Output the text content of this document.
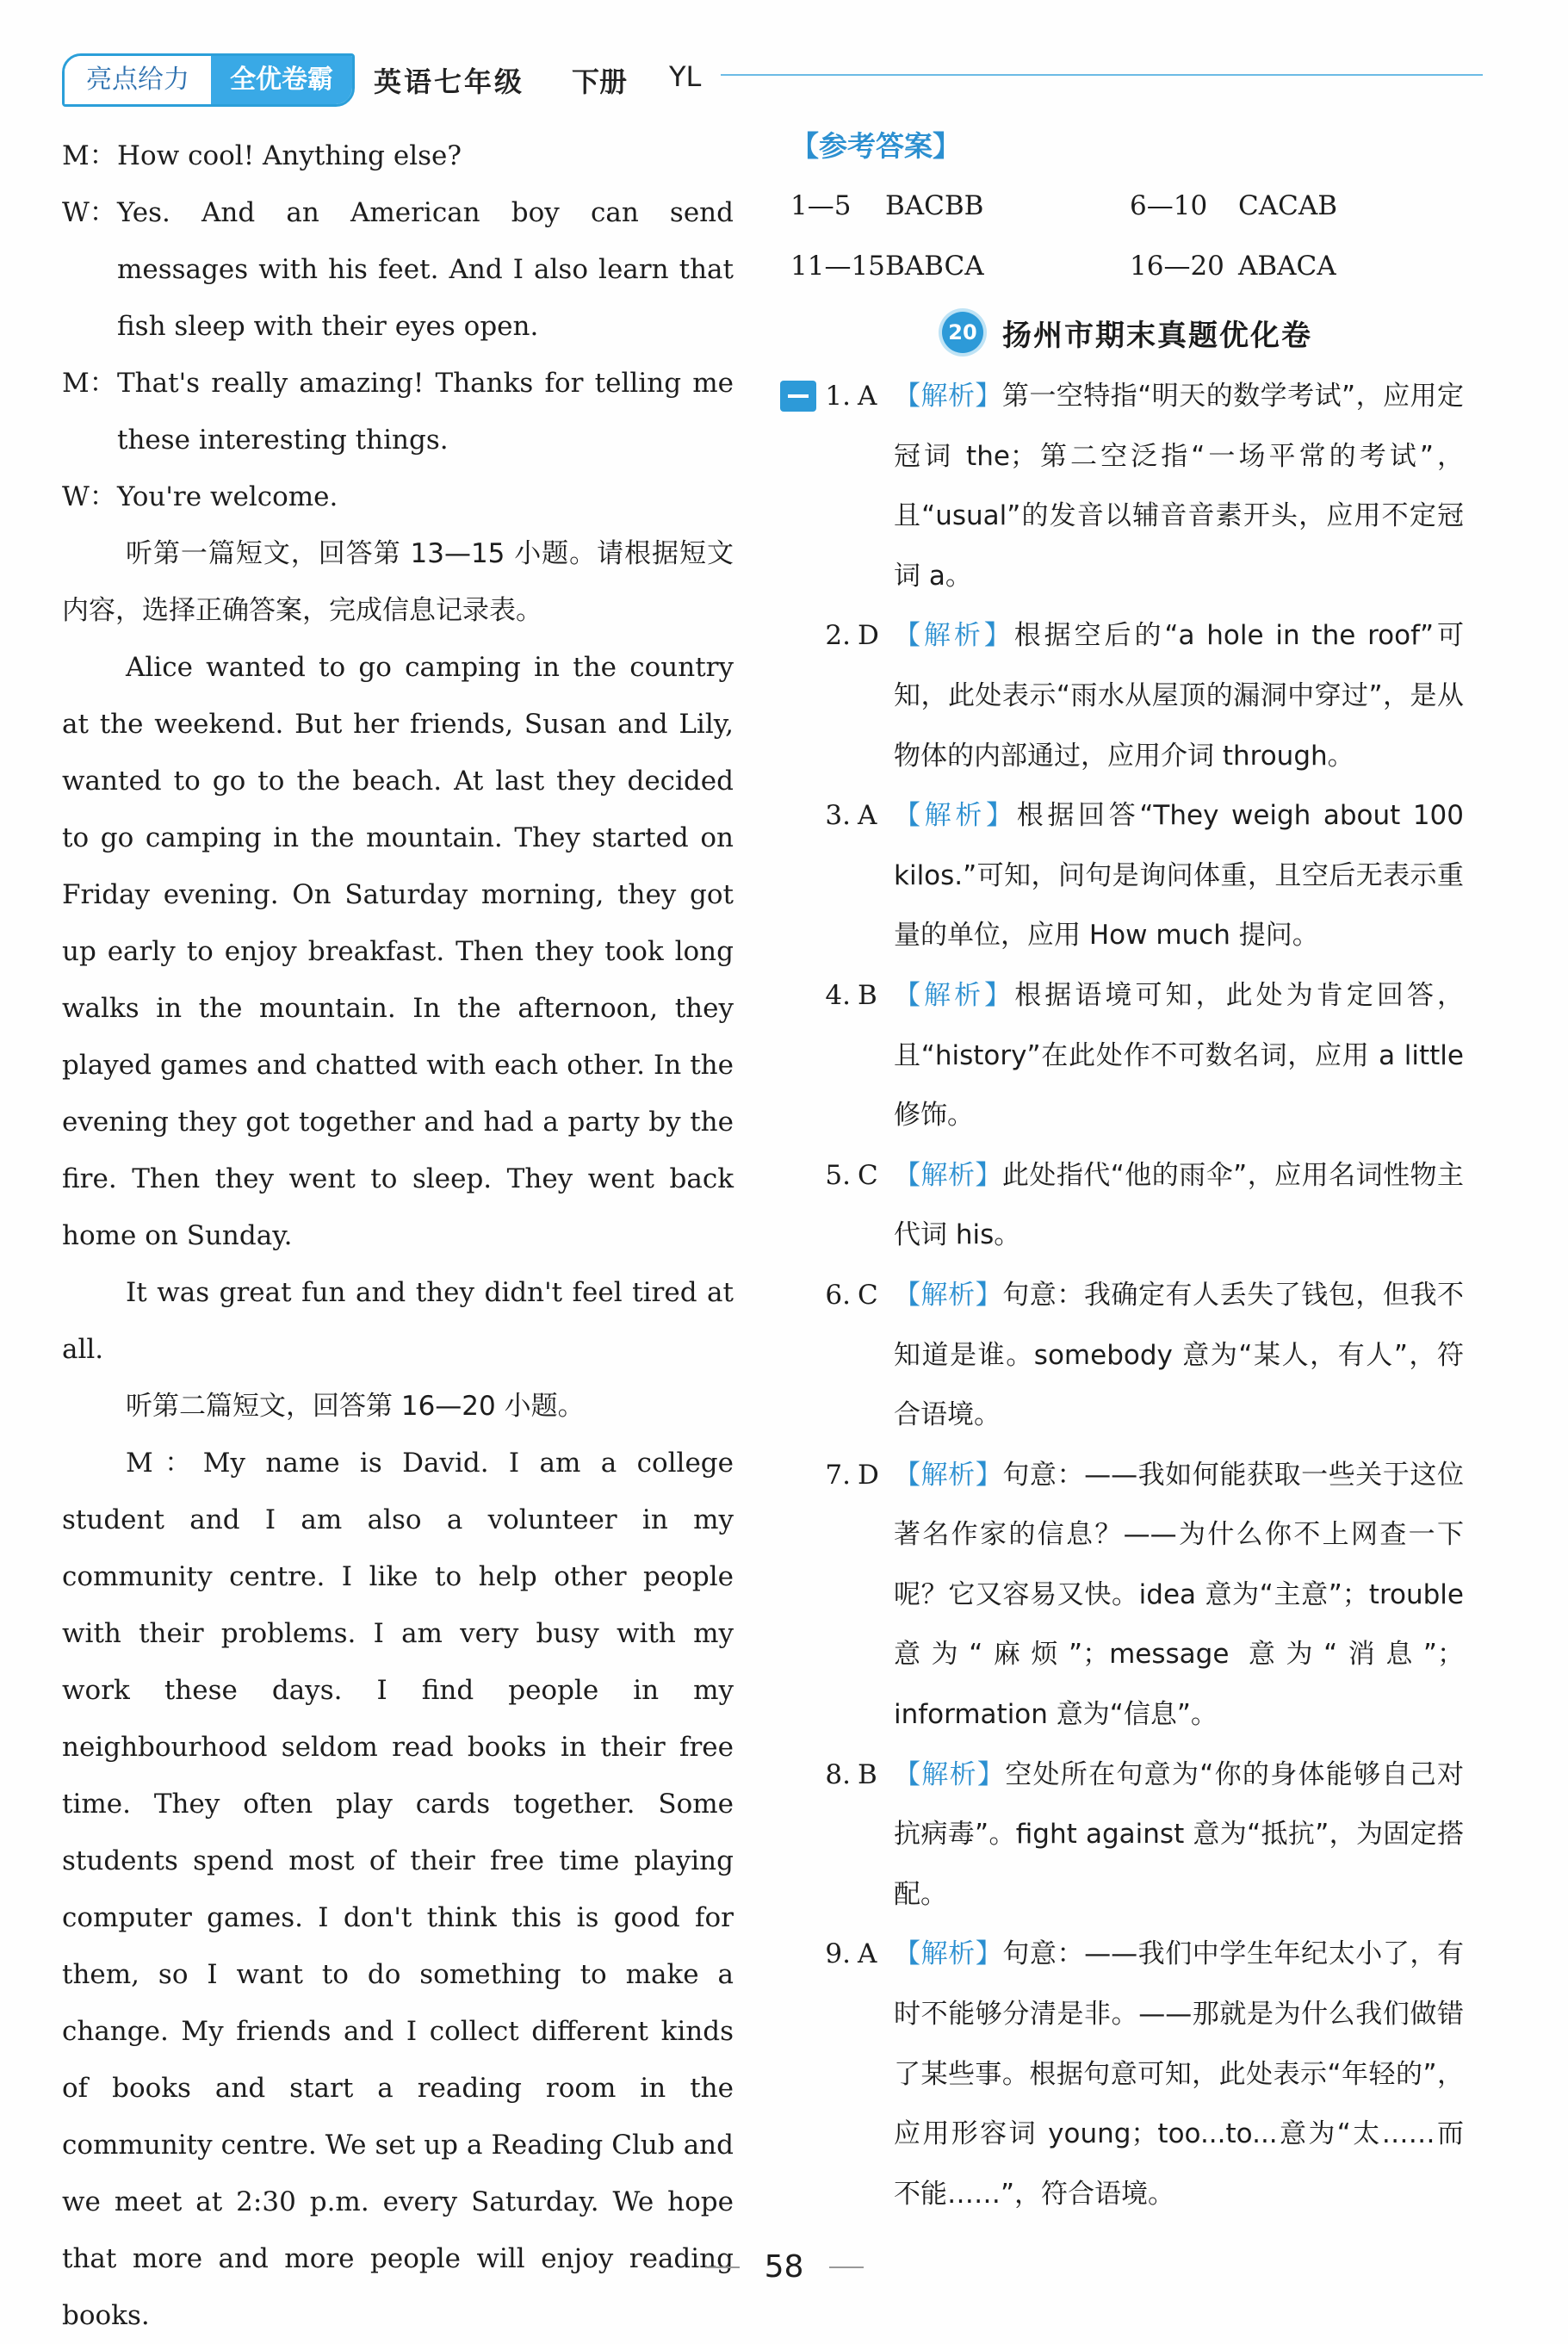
亮点给力	全优卷霸	英语七年级 下册 YL
M： How cool! Anything else?
W： Yes. And an American boy can send messages with his feet. And I also learn that fish sleep with their eyes open.
M： That's really amazing! Thanks for telling me these interesting things.
W： You're welcome.

听第一篇短文，回答第 13—15 小题。请根据短文内容，选择正确答案，完成信息记录表。

Alice wanted to go camping in the country at the weekend. But her friends, Susan and Lily, wanted to go to the beach. At last they decided to go camping in the mountain. They started on Friday evening. On Saturday morning, they got up early to enjoy breakfast. Then they took long walks in the mountain. In the afternoon, they played games and chatted with each other. In the evening they got together and had a party by the fire. Then they went to sleep. They went back home on Sunday.

It was great fun and they didn't feel tired at all.

听第二篇短文，回答第 16—20 小题。

M：My name is David. I am a college student and I am also a volunteer in my community centre. I like to help other people with their problems. I am very busy with my work these days. I find people in my neighbourhood seldom read books in their free time. They often play cards together. Some students spend most of their free time playing computer games. I don't think this is good for them, so I want to do something to make a change. My friends and I collect different kinds of books and start a reading room in the community centre. We set up a Reading Club and we meet at 2:30 p.m. every Saturday. We hope that more and more people will enjoy reading books.

【参考答案】
1—5	BACBB	6—10	CACAB
11—15 BABCA	16—20 ABACA
20 扬州市期末真题优化卷
1. A 【解析】第一空特指“明天的数学考试”，应用定冠词 the；第二空泛指“一场平常的考试”，且“usual”的发音以辅音音素开头，应用不定冠词 a。
2. D 【解析】根据空后的“a hole in the roof”可知，此处表示“雨水从屋顶的漏洞中穿过”，是从物体的内部通过，应用介词 through。
3. A 【解析】根据回答“They weigh about 100 kilos.”可知，问句是询问体重，且空后无表示重量的单位，应用 How much 提问。
4. B 【解析】根据语境可知，此处为肯定回答，且“history”在此处作不可数名词，应用 a little 修饰。
5. C 【解析】此处指代“他的雨伞”，应用名词性物主代词 his。
6. C 【解析】句意：我确定有人丢失了钱包，但我不知道是谁。somebody 意为“某人，有人”，符合语境。
7. D 【解析】句意：——我如何能获取一些关于这位著名作家的信息？——为什么你不上网查一下呢？它又容易又快。idea 意为“主意”；trouble 意为“麻烦”；message 意为“消息”；information 意为“信息”。
8. B 【解析】空处所在句意为“你的身体能够自己对抗病毒”。fight against 意为“抵抗”，为固定搭配。
9. A 【解析】句意：——我们中学生年纪太小了，有时不能够分清是非。——那就是为什么我们做错了某些事。根据句意可知，此处表示“年轻的”，应用形容词 young；too...to...意为“太……而不能……”，符合语境。
58
